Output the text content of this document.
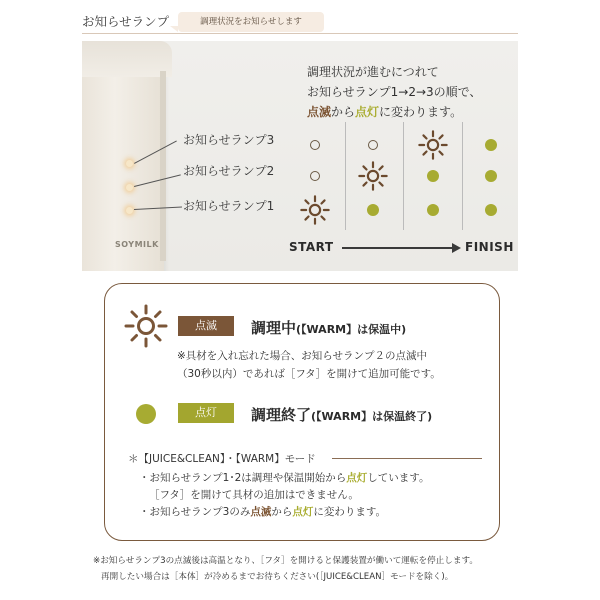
お知らせランプ	調理状況をお知らせします
SOYMILK
お知らせランプ3
お知らせランプ2
お知らせランプ1
調理状況が進むにつれて
お知らせランプ1→2→3の順で、
点滅から点灯に変わります。
START	FINISH
点滅	調理中(【WARM】は保温中)
※具材を入れ忘れた場合、お知らせランプ２の点滅中
（30秒以内）であれば［フタ］を開けて追加可能です。
点灯	調理終了(【WARM】は保温終了)
＊【JUICE&CLEAN】・【WARM】モード
・お知らせランプ1･2は調理や保温開始から点灯しています。
［フタ］を開けて具材の追加はできません。
・お知らせランプ3のみ点滅から点灯に変わります。
※お知らせランプ3の点滅後は高温となり、［フタ］を開けると保護装置が働いて運転を停止します。
再開したい場合は［本体］が冷めるまでお待ちください(［JUICE&CLEAN］モードを除く)。
